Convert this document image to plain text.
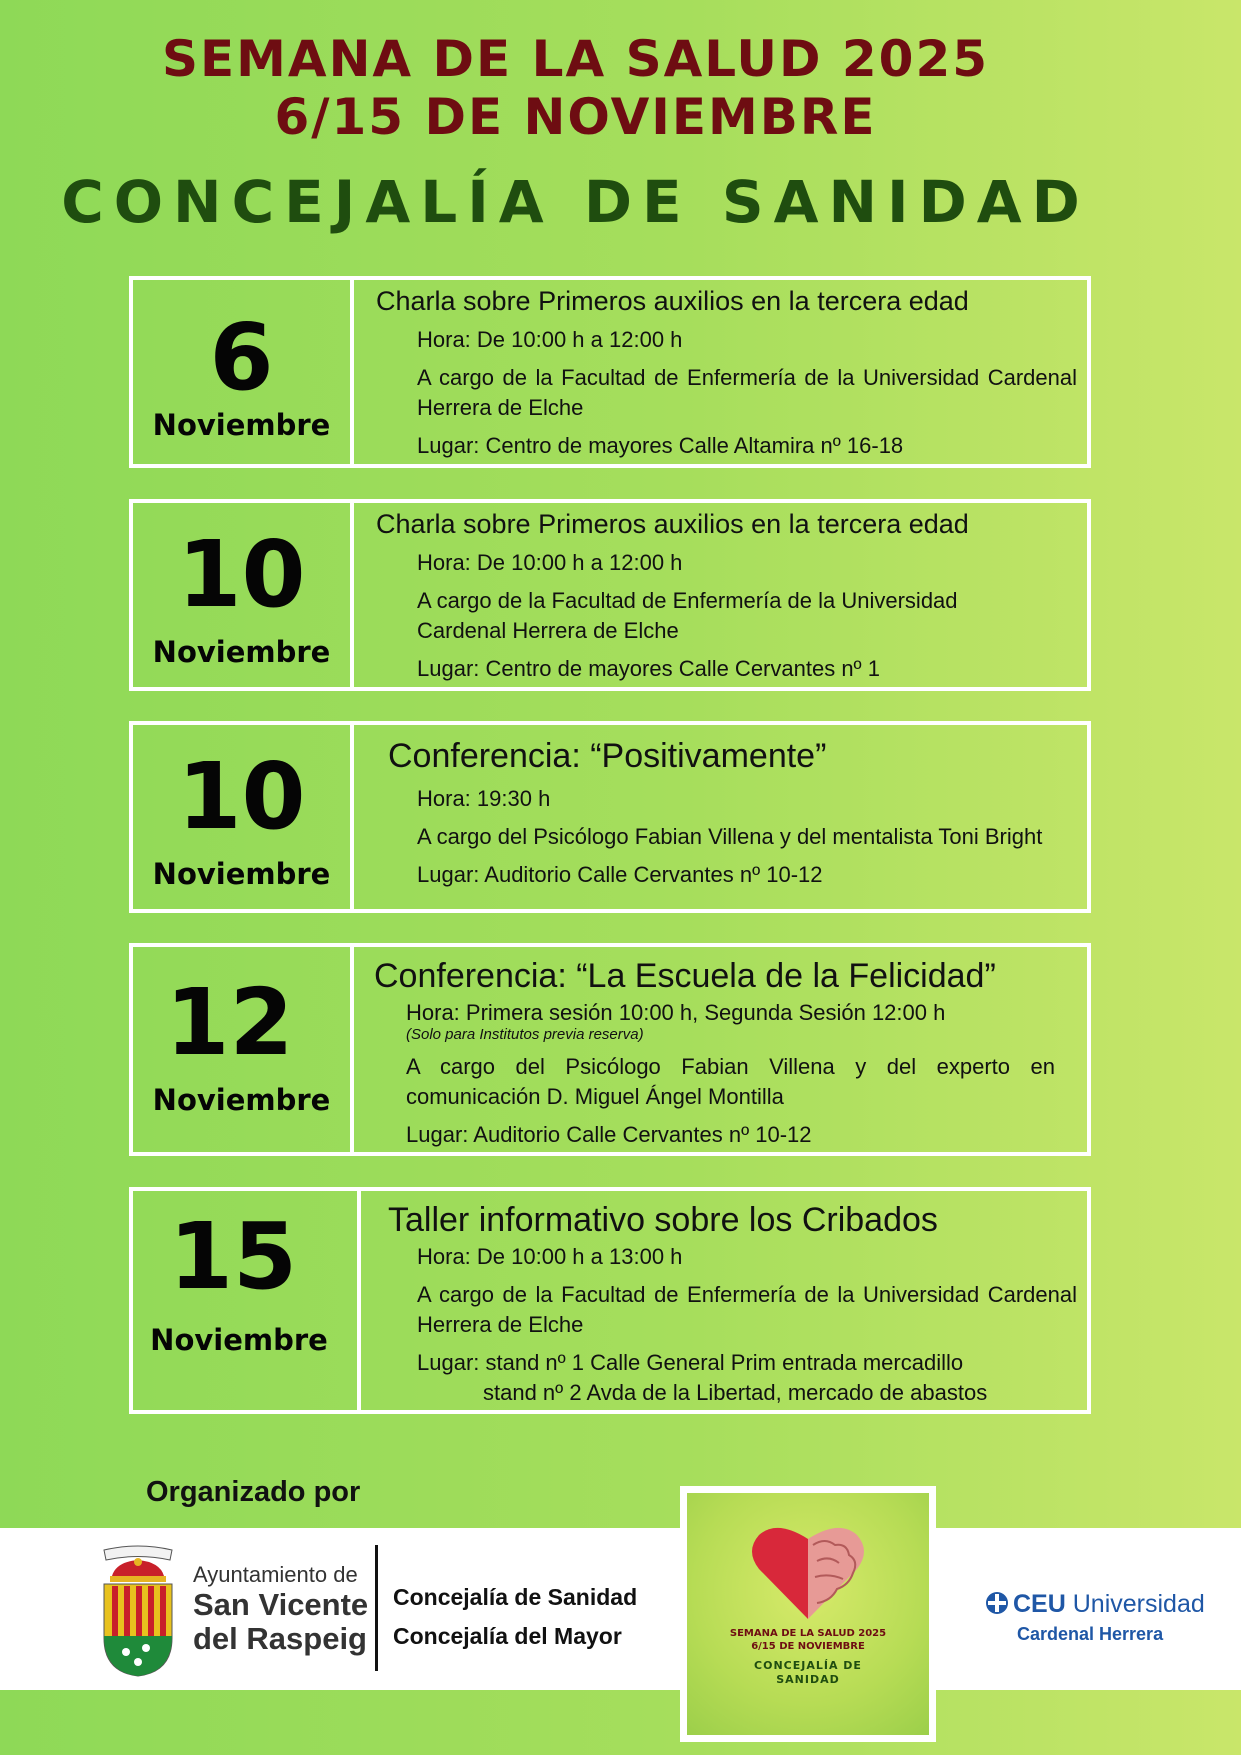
SEMANA DE LA SALUD 2025
6/15 DE NOVIEMBRE
CONCEJALÍA DE SANIDAD
6
Noviembre
Charla sobre Primeros auxilios en la tercera edad
Hora: De 10:00 h a 12:00 h
A cargo de la Facultad de Enfermería de la Universidad Cardenal Herrera de Elche
Lugar: Centro de mayores Calle Altamira nº 16-18
10
Noviembre
Charla sobre Primeros auxilios en la tercera edad
Hora: De 10:00 h a 12:00 h
A cargo de la Facultad de Enfermería de la Universidad Cardenal Herrera de Elche
Lugar: Centro de mayores Calle Cervantes nº 1
10
Noviembre
Conferencia: “Positivamente”
Hora: 19:30 h
A cargo del Psicólogo Fabian Villena y del mentalista Toni Bright
Lugar: Auditorio Calle Cervantes nº 10-12
12
Noviembre
Conferencia: “La Escuela de la Felicidad”
Hora: Primera sesión 10:00 h, Segunda Sesión 12:00 h
(Solo para Institutos previa reserva)
A cargo del Psicólogo Fabian Villena y del experto en comunicación D. Miguel Ángel Montilla
Lugar: Auditorio Calle Cervantes nº 10-12
15
Noviembre
Taller informativo sobre los Cribados
Hora: De 10:00 h a 13:00 h
A cargo de la Facultad de Enfermería de la Universidad Cardenal Herrera de Elche
Lugar: stand nº 1 Calle General Prim entrada mercadillo
stand nº 2 Avda de la Libertad, mercado de abastos
Organizado por
Ayuntamiento de
San Vicente
del Raspeig
Concejalía de Sanidad
Concejalía del Mayor	SEMANA DE LA SALUD 2025
6/15 DE NOVIEMBRE
CONCEJALÍA DE
SANIDAD
CEU Universidad
Cardenal Herrera
